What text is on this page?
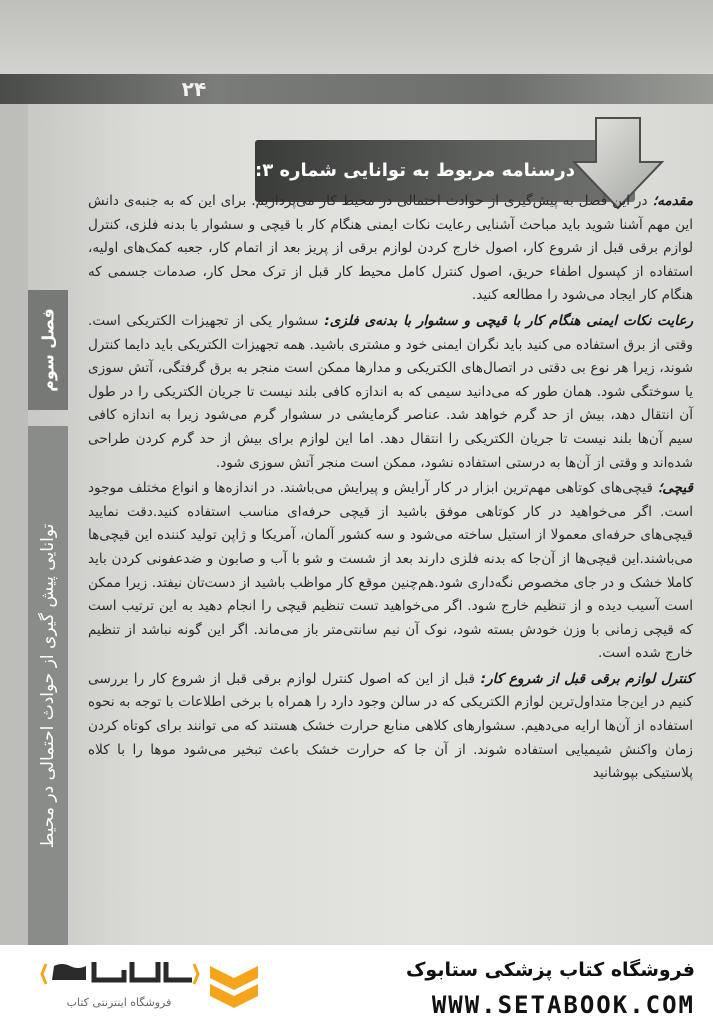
۲۴
فصل سوم
توانایی پیش گیری از حوادث احتمالی در محیط
درسنامه مربوط به توانایی شماره ۳:

مقدمه؛ در این فصل به پیش‌گیری از حوادث احتمالی در محیط کار می‌پردازیم. برای این که به جنبه‌ی دانش این مهم آشنا شوید باید مباحث آشنایی رعایت نکات ایمنی هنگام کار با قیچی و سشوار با بدنه فلزی، کنترل لوازم برقی قبل از شروع کار، اصول خارج کردن لوازم برقی از پریز بعد از اتمام کار، جعبه کمک‌های اولیه، استفاده از کپسول اطفاء حریق، اصول کنترل کامل محیط کار قبل از ترک محل کار، صدمات جسمی که هنگام کار ایجاد می‌شود را مطالعه کنید.

رعایت نکات ایمنی هنگام کار با قیچی و سشوار با بدنه‌ی فلزی: سشوار یکی از تجهیزات الکتریکی است. وقتی از برق استفاده می کنید باید نگران ایمنی خود و مشتری باشید. همه تجهیزات الکتریکی باید دایما کنترل شوند، زیرا هر نوع بی دقتی در اتصال‌های الکتریکی و مدارها ممکن است منجر به برق گرفتگی، آتش سوزی یا سوختگی شود. همان طور که می‌دانید سیمی که به اندازه کافی بلند نیست تا جریان الکتریکی را در طول آن انتقال دهد، بیش از حد گرم خواهد شد. عناصر گرمایشی در سشوار گرم می‌شود زیرا به اندازه کافی سیم آن‌ها بلند نیست تا جریان الکتریکی را انتقال دهد. اما این لوازم برای بیش از حد گرم کردن طراحی شده‌اند و وقتی از آن‌ها به درستی استفاده نشود، ممکن است منجر آتش سوزی شود.

قیچی؛ قیچی‌های کوتاهی مهم‌ترین ابزار در کار آرایش و پیرایش می‌باشند. در اندازه‌ها و انواع مختلف موجود است. اگر می‌خواهید در کار کوتاهی موفق باشید از قیچی حرفه‌ای مناسب استفاده کنید.دقت نمایید قیچی‌های حرفه‌ای معمولا از استیل ساخته می‌شود و سه کشور آلمان، آمریکا و ژاپن تولید کننده این قیچی‌ها می‌باشند.این قیچی‌ها از آن‌جا که بدنه فلزی دارند بعد از شست و شو با آب و صابون و ضدعفونی کردن باید کاملا خشک و در جای مخصوص نگه‌داری شود.هم‌چنین موقع کار مواظب باشید از دست‌تان نیفتد. زیرا ممکن است آسیب دیده و از تنظیم خارج شود. اگر می‌خواهید تست تنظیم قیچی را انجام دهید به این ترتیب است که قیچی زمانی با وزن خودش بسته شود، نوک آن نیم سانتی‌متر باز می‌ماند. اگر این گونه نباشد از تنظیم خارج شده است.

کنترل لوازم برقی قبل از شروع کار: قبل از این که اصول کنترل لوازم برقی قبل از شروع کار را بررسی کنیم در این‌جا متداول‌ترین لوازم الکتریکی که در سالن وجود دارد را همراه با برخی اطلاعات با توجه به نحوه استفاده از آن‌ها ارایه می‌دهیم. سشوارهای کلاهی منابع حرارت خشک هستند که می توانند برای کوتاه کردن زمان واکنش شیمیایی استفاده شوند. از آن جا که حرارت خشک باعث تبخیر می‌شود موها را با کلاه پلاستیکی بپوشانید

فروشگاه کتاب پزشکی ستابوک
WWW.SETABOOK.COM
فروشگاه اینترنتی کتاب
